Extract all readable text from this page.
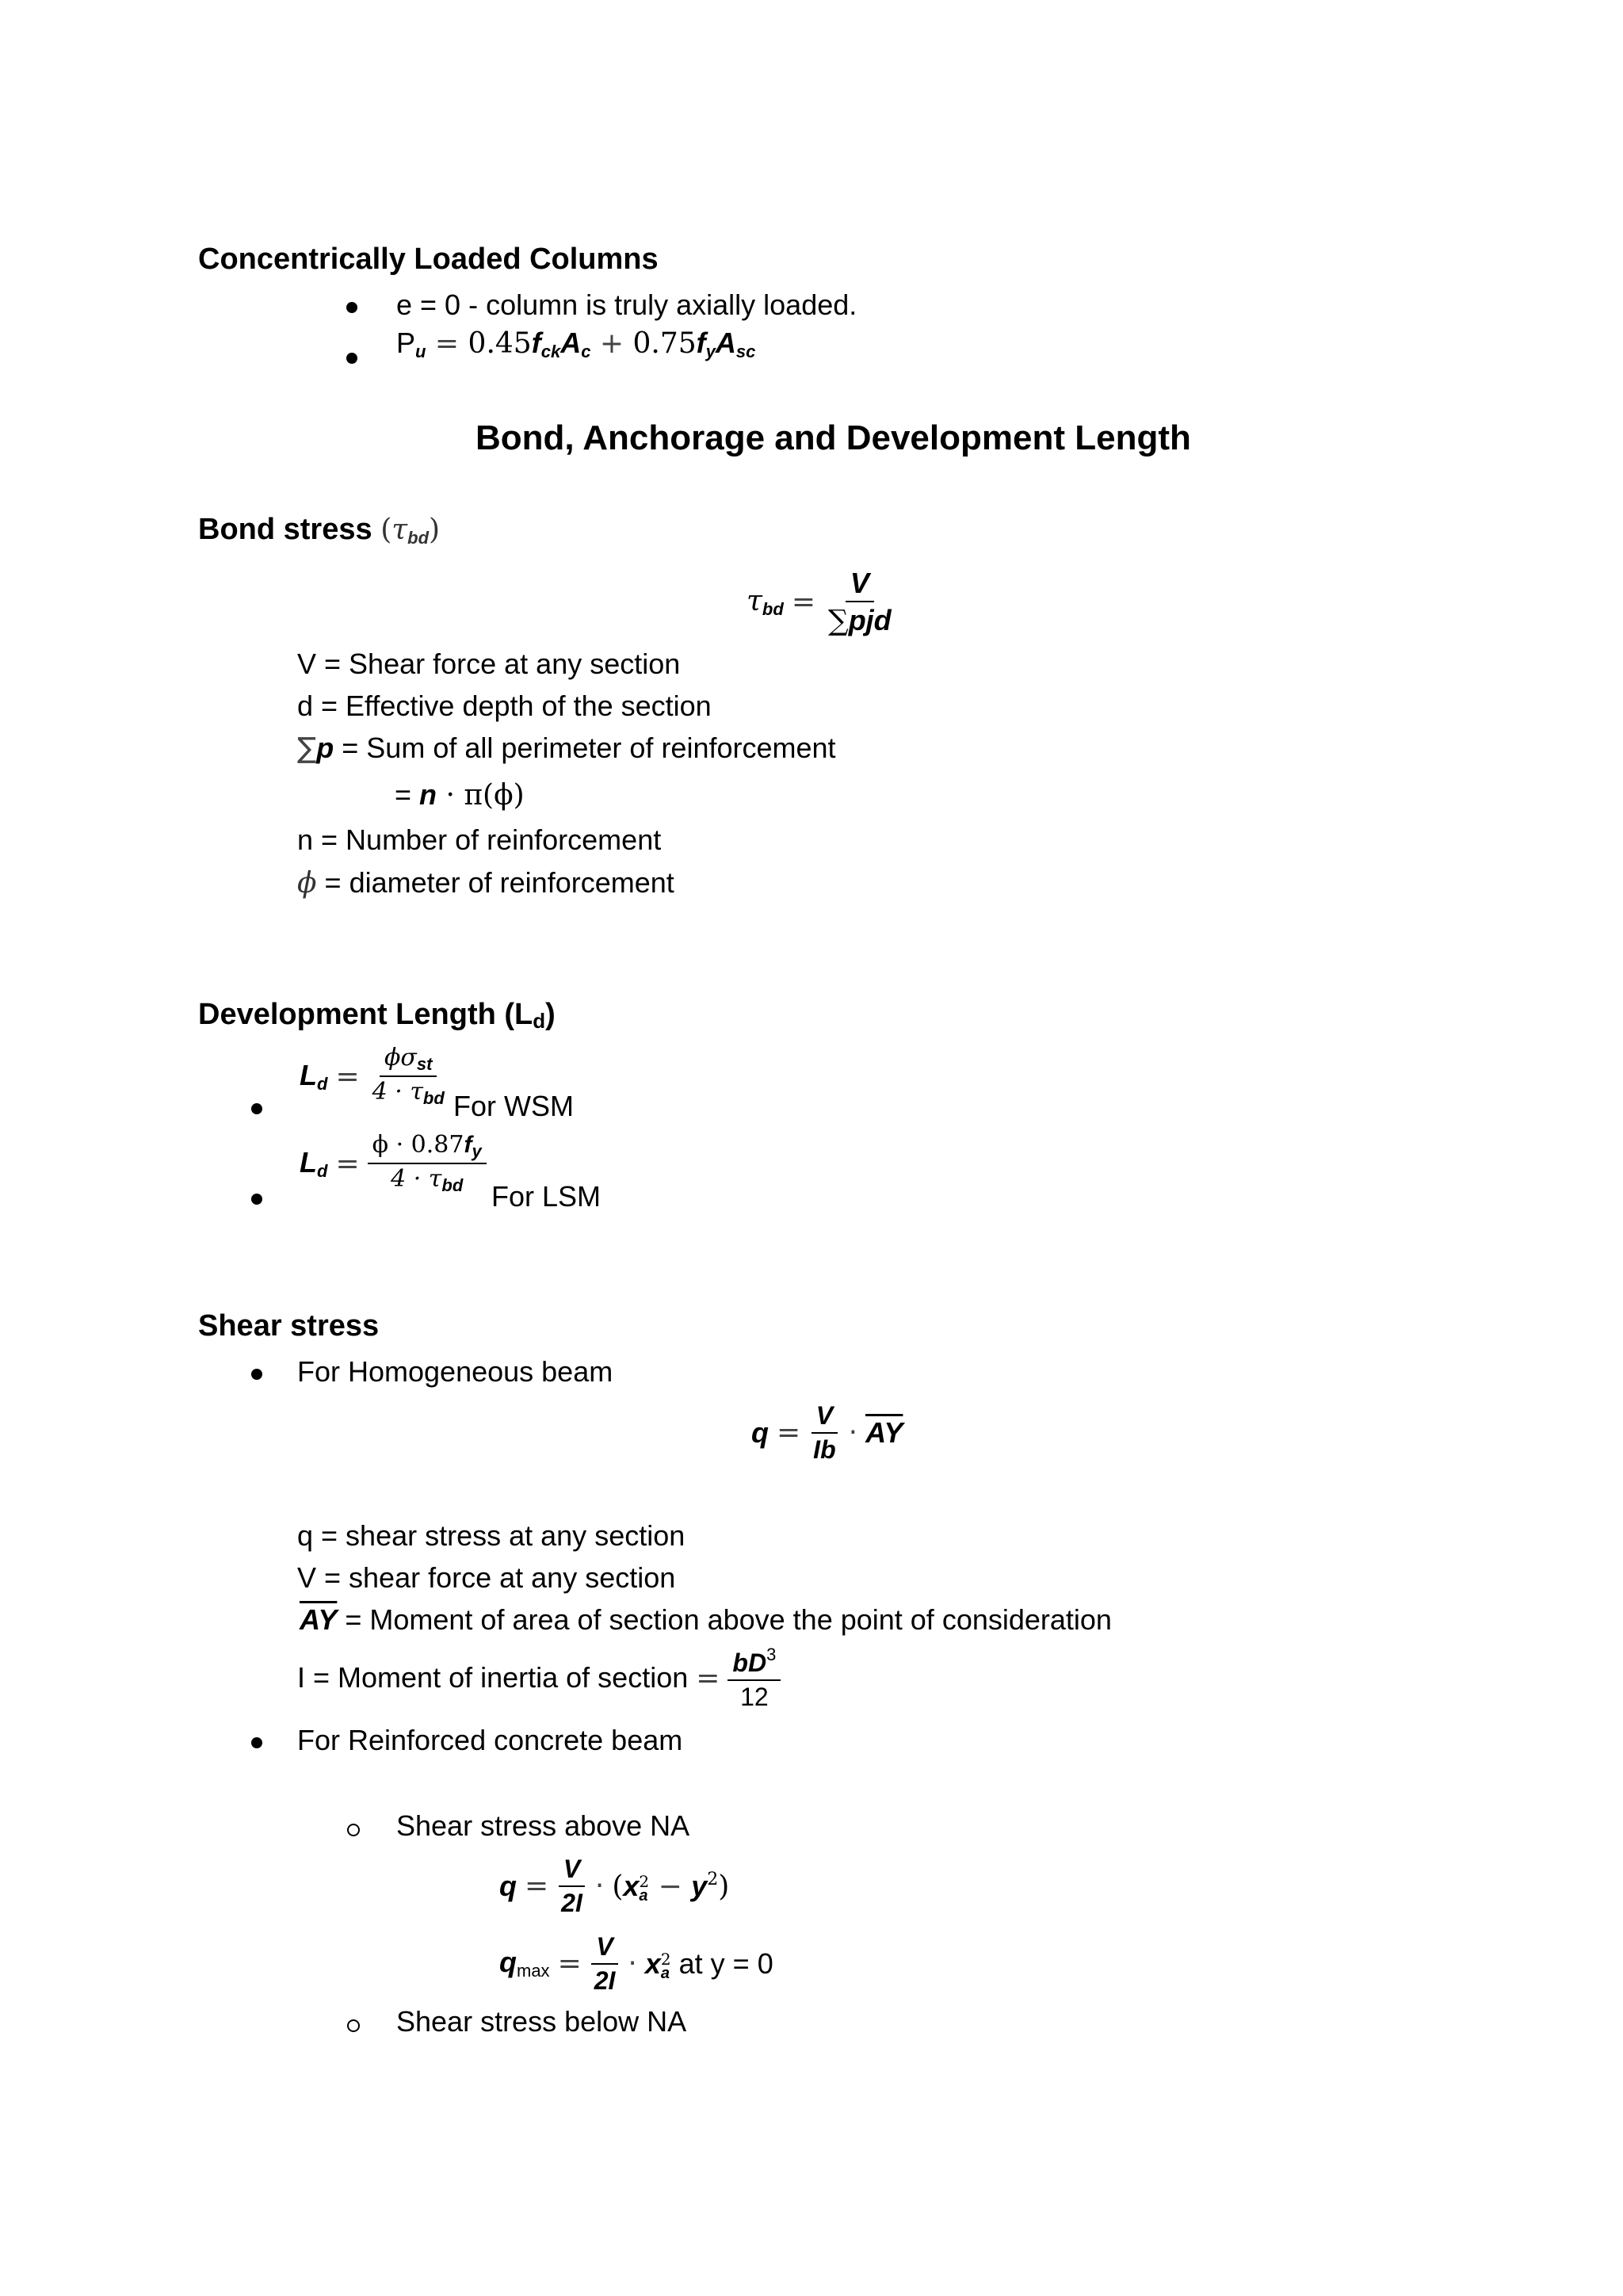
Concentrically Loaded Columns
e = 0 - column is truly axially loaded.
$P_u = 0.45f_{ck}A_c + 0.75f_yA_{sc}$
Bond, Anchorage and Development Length
Bond stress $(\tau_{bd})$
$\tau_{bd} = \frac{V}{\text{∑pjd}}$
V = Shear force at any section
d = Effective depth of the section
∑p = Sum of all perimeter of reinforcement
= n · π(ϕ)
n = Number of reinforcement
ϕ = diameter of reinforcement
Development Length (Ld)
$L_d = \frac{\phi\sigma_{st}}{4 \cdot \tau_{bd}}$ For WSM
$L_d = \frac{\phi \cdot 0.87f_y}{4 \cdot \tau_{bd}}$
For LSM
Shear stress
For Homogeneous beam
$q = \frac{V}{Ib} \cdot \overline{AY}$
q = shear stress at any section
V = shear force at any section
$\overline{AY}$ = Moment of area of section above the point of consideration
I = Moment of inertia of section = $\frac{bD^3}{12}$
For Reinforced concrete beam
Shear stress above NA
$q = \frac{V}{2I} \cdot (x$ 2
$a - y^2$)
$qmax = \frac{V}{2I} \cdot x$ 2
a at y = 0
Shear stress below NA
